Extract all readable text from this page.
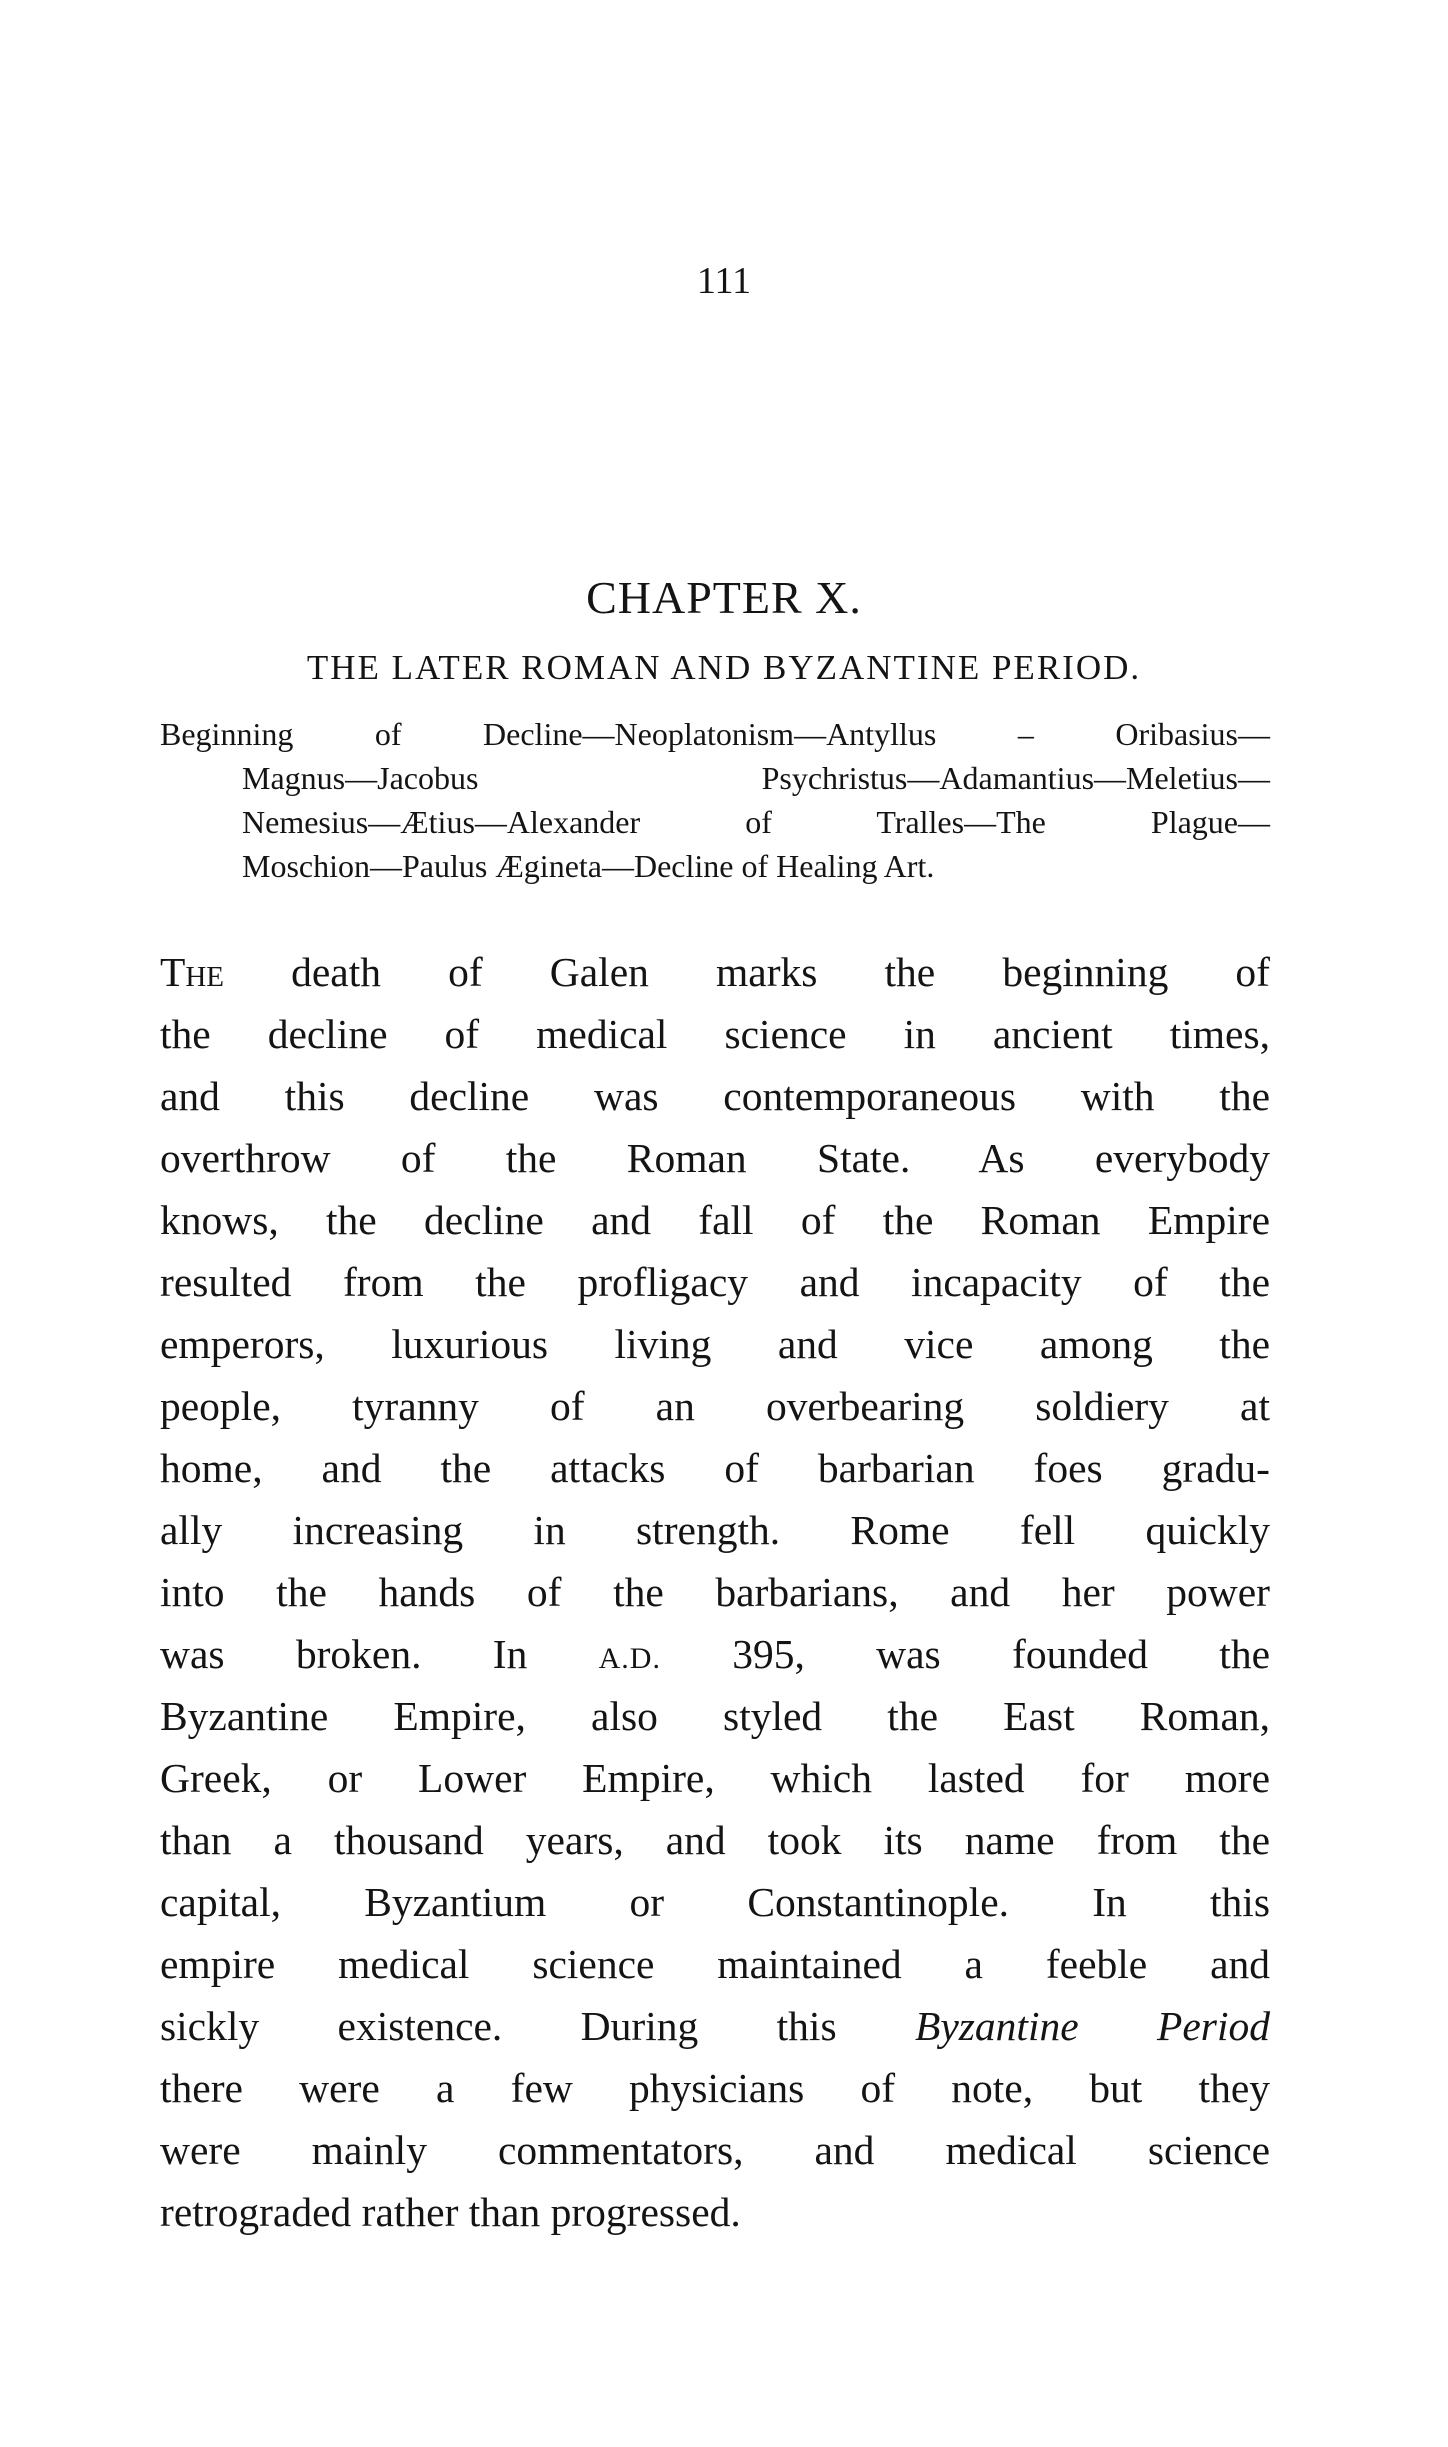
111
CHAPTER X.
THE LATER ROMAN AND BYZANTINE PERIOD.
Beginning of Decline—Neoplatonism—Antyllus – Oribasius—
Magnus—Jacobus Psychristus—Adamantius—Meletius—
Nemesius—Ætius—Alexander of Tralles—The Plague—
Moschion—Paulus Ægineta—Decline of Healing Art.
The death of Galen marks the beginning of
the decline of medical science in ancient times,
and this decline was contemporaneous with the
overthrow of the Roman State. As everybody
knows, the decline and fall of the Roman Empire
resulted from the profligacy and incapacity of the
emperors, luxurious living and vice among the
people, tyranny of an overbearing soldiery at
home, and the attacks of barbarian foes gradu-
ally increasing in strength. Rome fell quickly
into the hands of the barbarians, and her power
was broken. In A.D. 395, was founded the
Byzantine Empire, also styled the East Roman,
Greek, or Lower Empire, which lasted for more
than a thousand years, and took its name from the
capital, Byzantium or Constantinople. In this
empire medical science maintained a feeble and
sickly existence. During this Byzantine Period
there were a few physicians of note, but they
were mainly commentators, and medical science
retrograded rather than progressed.
